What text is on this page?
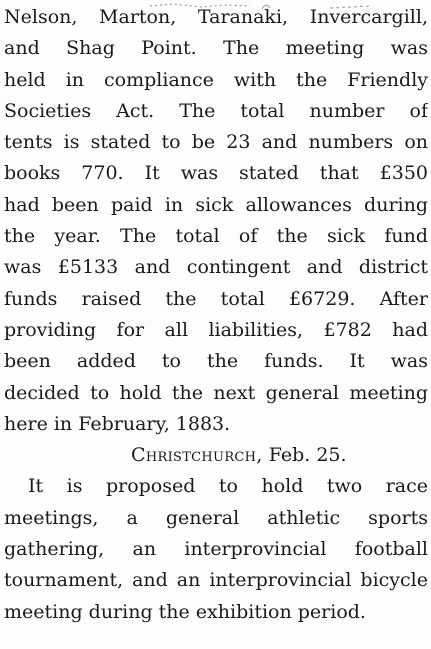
Nelson, Marton, Taranaki, Invercargill,
and Shag Point. The meeting was
held in compliance with the Friendly
Societies Act. The total number of
tents is stated to be 23 and numbers on
books 770. It was stated that £350
had been paid in sick allowances during
the year. The total of the sick fund
was £5133 and contingent and district
funds raised the total £6729. After
providing for all liabilities, £782 had
been added to the funds. It was
decided to hold the next general meeting
here in February, 1883.
Christchurch, Feb. 25.
It is proposed to hold two race
meetings, a general athletic sports
gathering, an interprovincial football
tournament, and an interprovincial bicycle
meeting during the exhibition period.
